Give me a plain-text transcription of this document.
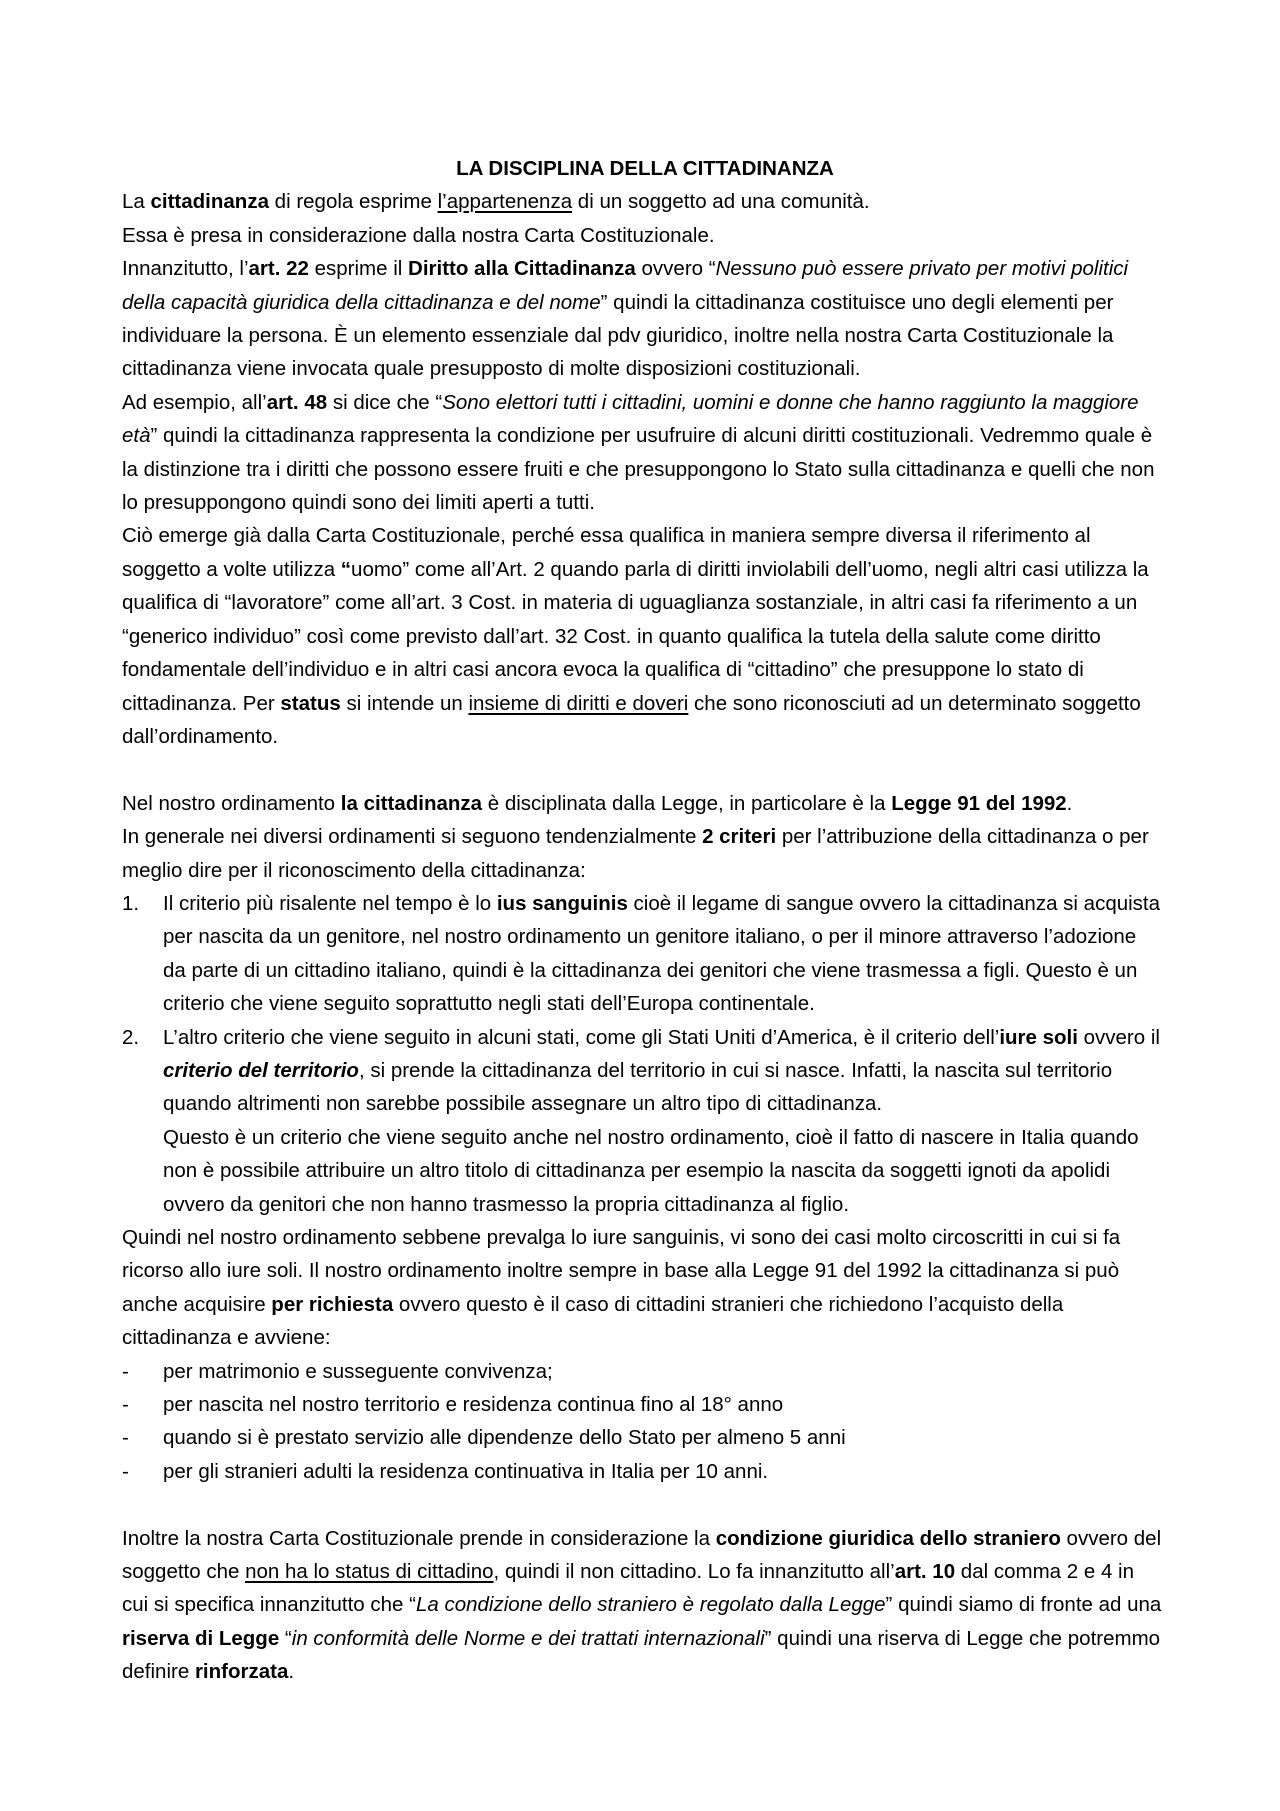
LA DISCIPLINA DELLA CITTADINANZA

La cittadinanza di regola esprime l’appartenenza di un soggetto ad una comunità.

Essa è presa in considerazione dalla nostra Carta Costituzionale.

Innanzitutto, l’art. 22 esprime il Diritto alla Cittadinanza ovvero “Nessuno può essere privato per motivi politici della capacità giuridica della cittadinanza e del nome” quindi la cittadinanza costituisce uno degli elementi per individuare la persona. È un elemento essenziale dal pdv giuridico, inoltre nella nostra Carta Costituzionale la cittadinanza viene invocata quale presupposto di molte disposizioni costituzionali.

Ad esempio, all’art. 48 si dice che “Sono elettori tutti i cittadini, uomini e donne che hanno raggiunto la maggiore età” quindi la cittadinanza rappresenta la condizione per usufruire di alcuni diritti costituzionali. Vedremmo quale è la distinzione tra i diritti che possono essere fruiti e che presuppongono lo Stato sulla cittadinanza e quelli che non lo presuppongono quindi sono dei limiti aperti a tutti.

Ciò emerge già dalla Carta Costituzionale, perché essa qualifica in maniera sempre diversa il riferimento al soggetto a volte utilizza “uomo” come all’Art. 2 quando parla di diritti inviolabili dell’uomo, negli altri casi utilizza la qualifica di “lavoratore” come all’art. 3 Cost. in materia di uguaglianza sostanziale, in altri casi fa riferimento a un “generico individuo” così come previsto dall’art. 32 Cost. in quanto qualifica la tutela della salute come diritto fondamentale dell’individuo e in altri casi ancora evoca la qualifica di “cittadino” che presuppone lo stato di cittadinanza. Per status si intende un insieme di diritti e doveri che sono riconosciuti ad un determinato soggetto dall’ordinamento.

Nel nostro ordinamento la cittadinanza è disciplinata dalla Legge, in particolare è la Legge 91 del 1992.

In generale nei diversi ordinamenti si seguono tendenzialmente 2 criteri per l’attribuzione della cittadinanza o per meglio dire per il riconoscimento della cittadinanza:

1. Il criterio più risalente nel tempo è lo ius sanguinis cioè il legame di sangue ovvero la cittadinanza si acquista per nascita da un genitore, nel nostro ordinamento un genitore italiano, o per il minore attraverso l’adozione da parte di un cittadino italiano, quindi è la cittadinanza dei genitori che viene trasmessa a figli. Questo è un criterio che viene seguito soprattutto negli stati dell’Europa continentale.
2. L’altro criterio che viene seguito in alcuni stati, come gli Stati Uniti d’America, è il criterio dell’iure soli ovvero il criterio del territorio, si prende la cittadinanza del territorio in cui si nasce. Infatti, la nascita sul territorio quando altrimenti non sarebbe possibile assegnare un altro tipo di cittadinanza.
Questo è un criterio che viene seguito anche nel nostro ordinamento, cioè il fatto di nascere in Italia quando non è possibile attribuire un altro titolo di cittadinanza per esempio la nascita da soggetti ignoti da apolidi ovvero da genitori che non hanno trasmesso la propria cittadinanza al figlio.

Quindi nel nostro ordinamento sebbene prevalga lo iure sanguinis, vi sono dei casi molto circoscritti in cui si fa ricorso allo iure soli. Il nostro ordinamento inoltre sempre in base alla Legge 91 del 1992 la cittadinanza si può anche acquisire per richiesta ovvero questo è il caso di cittadini stranieri che richiedono l’acquisto della cittadinanza e avviene:

- per matrimonio e susseguente convivenza;
- per nascita nel nostro territorio e residenza continua fino al 18° anno
- quando si è prestato servizio alle dipendenze dello Stato per almeno 5 anni
- per gli stranieri adulti la residenza continuativa in Italia per 10 anni.

Inoltre la nostra Carta Costituzionale prende in considerazione la condizione giuridica dello straniero ovvero del soggetto che non ha lo status di cittadino, quindi il non cittadino. Lo fa innanzitutto all’art. 10 dal comma 2 e 4 in cui si specifica innanzitutto che “La condizione dello straniero è regolato dalla Legge” quindi siamo di fronte ad una riserva di Legge “in conformità delle Norme e dei trattati internazionali” quindi una riserva di Legge che potremmo definire rinforzata.
